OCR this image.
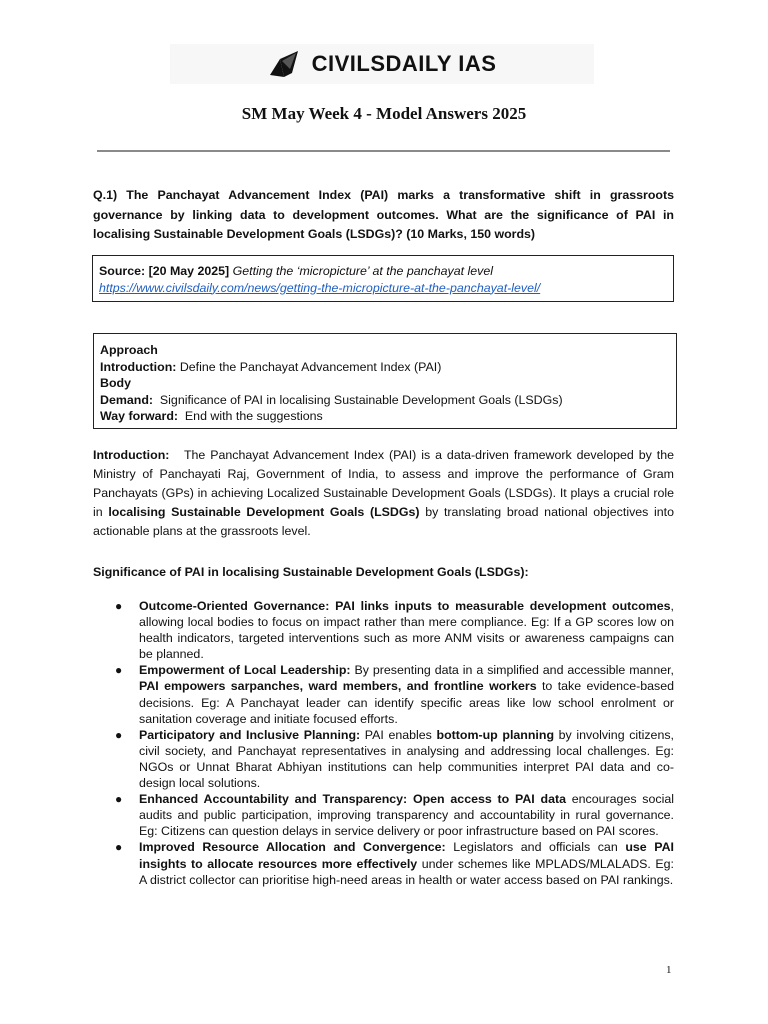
CIVILSDAILY IAS
SM May Week 4 - Model Answers 2025
Q.1) The Panchayat Advancement Index (PAI) marks a transformative shift in grassroots governance by linking data to development outcomes. What are the significance of PAI in localising Sustainable Development Goals (LSDGs)? (10 Marks, 150 words)
Source: [20 May 2025] Getting the ‘micropicture’ at the panchayat level
https://www.civilsdaily.com/news/getting-the-micropicture-at-the-panchayat-level/
Approach
Introduction: Define the Panchayat Advancement Index (PAI)
Body
Demand: Significance of PAI in localising Sustainable Development Goals (LSDGs)
Way forward: End with the suggestions
Introduction: The Panchayat Advancement Index (PAI) is a data-driven framework developed by the Ministry of Panchayati Raj, Government of India, to assess and improve the performance of Gram Panchayats (GPs) in achieving Localized Sustainable Development Goals (LSDGs). It plays a crucial role in localising Sustainable Development Goals (LSDGs) by translating broad national objectives into actionable plans at the grassroots level.
Significance of PAI in localising Sustainable Development Goals (LSDGs):
● Outcome-Oriented Governance: PAI links inputs to measurable development outcomes, allowing local bodies to focus on impact rather than mere compliance. Eg: If a GP scores low on health indicators, targeted interventions such as more ANM visits or awareness campaigns can be planned.
● Empowerment of Local Leadership: By presenting data in a simplified and accessible manner, PAI empowers sarpanches, ward members, and frontline workers to take evidence-based decisions. Eg: A Panchayat leader can identify specific areas like low school enrolment or sanitation coverage and initiate focused efforts.
● Participatory and Inclusive Planning: PAI enables bottom-up planning by involving citizens, civil society, and Panchayat representatives in analysing and addressing local challenges. Eg: NGOs or Unnat Bharat Abhiyan institutions can help communities interpret PAI data and co-design local solutions.
● Enhanced Accountability and Transparency: Open access to PAI data encourages social audits and public participation, improving transparency and accountability in rural governance. Eg: Citizens can question delays in service delivery or poor infrastructure based on PAI scores.
● Improved Resource Allocation and Convergence: Legislators and officials can use PAI insights to allocate resources more effectively under schemes like MPLADS/MLALADS. Eg: A district collector can prioritise high-need areas in health or water access based on PAI rankings.
1
